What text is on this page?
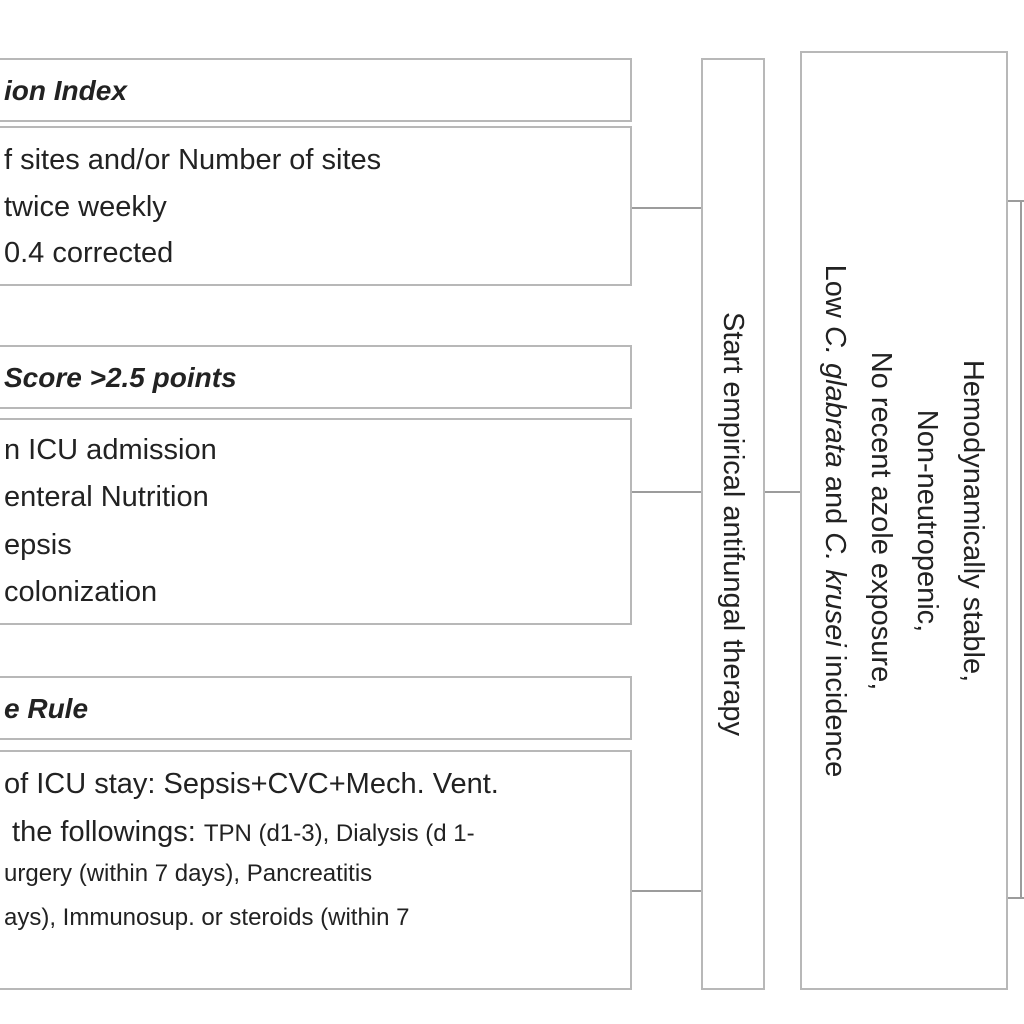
ion Index
f sites and/or Number of sites
twice weekly
0.4 corrected
Score >2.5 points
n ICU admission
enteral Nutrition
epsis
colonization
e Rule
of ICU stay: Sepsis+CVC+Mech. Vent.
the followings: TPN (d1-3), Dialysis (d 1-
urgery (within 7 days), Pancreatitis
ays), Immunosup. or steroids (within 7
Start empirical antifungal therapy	Hemodynamically stable,
Non-neutropenic,
No recent azole exposure,
Low C. glabrata and C. krusei incidence
